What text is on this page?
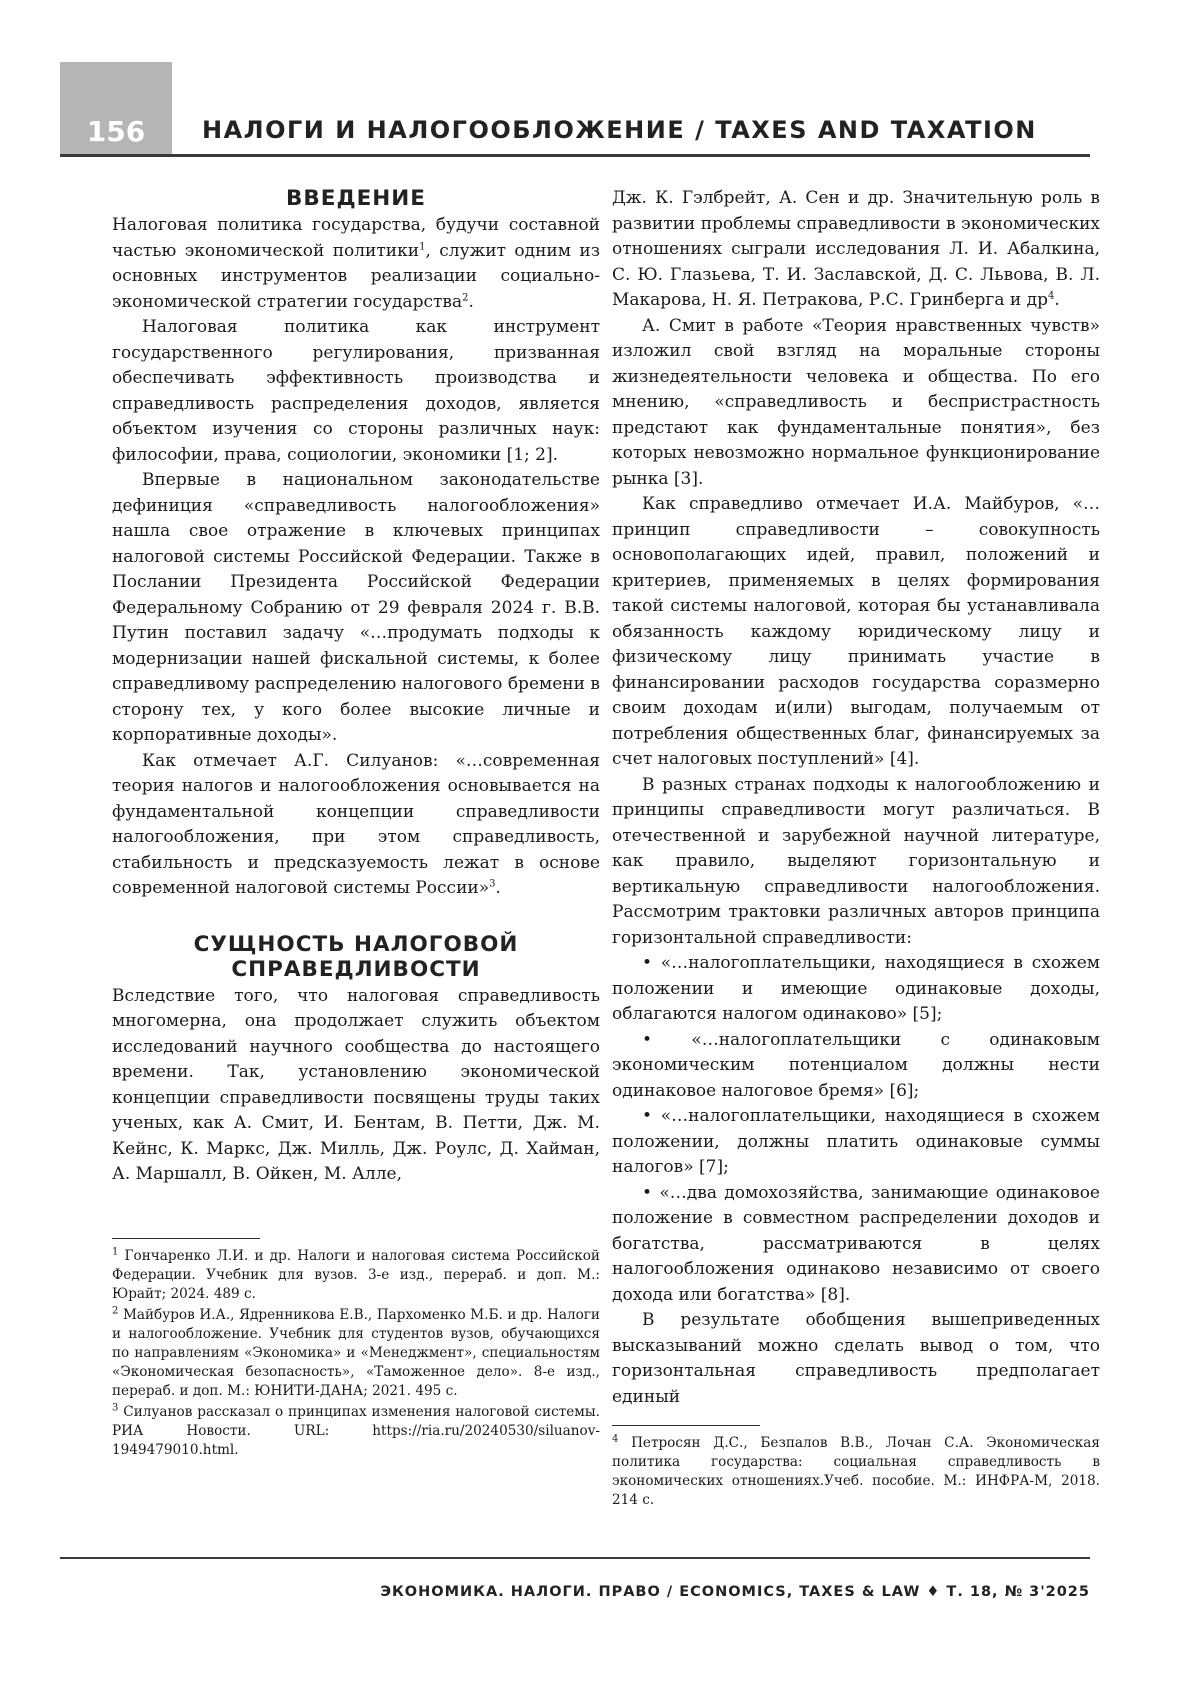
156	НАЛОГИ И НАЛОГООБЛОЖЕНИЕ / TAXES AND TAXATION
ВВЕДЕНИЕ

Налоговая политика государства, будучи составной частью экономической политики$^1$, служит одним из основных инструментов реализации социально-экономической стратегии государства$^2$.

Налоговая политика как инструмент государственного регулирования, призванная обеспечивать эффективность производства и справедливость распределения доходов, является объектом изучения со стороны различных наук: философии, права, социологии, экономики [1; 2].

Впервые в национальном законодательстве дефиниция «справедливость налогообложения» нашла свое отражение в ключевых принципах налоговой системы Российской Федерации. Также в Послании Президента Российской Федерации Федеральному Собранию от 29 февраля 2024 г. В.В. Путин поставил задачу «…продумать подходы к модернизации нашей фискальной системы, к более справедливому распределению налогового бремени в сторону тех, у кого более высокие личные и корпоративные доходы».

Как отмечает А.Г. Силуанов: «…современная теория налогов и налогообложения основывается на фундаментальной концепции справедливости налогообложения, при этом справедливость, стабильность и предсказуемость лежат в основе современной налоговой системы России»$^3$.

СУЩНОСТЬ НАЛОГОВОЙ СПРАВЕДЛИВОСТИ

Вследствие того, что налоговая справедливость многомерна, она продолжает служить объектом исследований научного сообщества до настоящего времени. Так, установлению экономической концепции справедливости посвящены труды таких ученых, как А. Смит, И. Бентам, В. Петти, Дж. М. Кейнс, К. Маркс, Дж. Милль, Дж. Роулс, Д. Хайман, А. Маршалл, В. Ойкен, М. Алле,

Дж. К. Гэлбрейт, А. Сен и др. Значительную роль в развитии проблемы справедливости в экономических отношениях сыграли исследования Л. И. Абалкина, С. Ю. Глазьева, Т. И. Заславской, Д. С. Львова, В. Л. Макарова, Н. Я. Петракова, Р.С. Гринберга и $др^4$.

А. Смит в работе «Теория нравственных чувств» изложил свой взгляд на моральные стороны жизнедеятельности человека и общества. По его мнению, «справедливость и беспристрастность предстают как фундаментальные понятия», без которых невозможно нормальное функционирование рынка [3].

Как справедливо отмечает И.А. Майбуров, «…принцип справедливости – совокупность основополагающих идей, правил, положений и критериев, применяемых в целях формирования такой системы налоговой, которая бы устанавливала обязанность каждому юридическому лицу и физическому лицу принимать участие в финансировании расходов государства соразмерно своим доходам и(или) выгодам, получаемым от потребления общественных благ, финансируемых за счет налоговых поступлений» [4].

В разных странах подходы к налогообложению и принципы справедливости могут различаться. В отечественной и зарубежной научной литературе, как правило, выделяют горизонтальную и вертикальную справедливости налогообложения. Рассмотрим трактовки различных авторов принципа горизонтальной справедливости:

• «…налогоплательщики, находящиеся в схожем положении и имеющие одинаковые доходы, облагаются налогом одинаково» [5];

• «…налогоплательщики с одинаковым экономическим потенциалом должны нести одинаковое налоговое бремя» [6];

• «…налогоплательщики, находящиеся в схожем положении, должны платить одинаковые суммы налогов» [7];

• «…два домохозяйства, занимающие одинаковое положение в совместном распределении доходов и богатства, рассматриваются в целях налогообложения одинаково независимо от своего дохода или богатства» [8].

В результате обобщения вышеприведенных высказываний можно сделать вывод о том, что горизонтальная справедливость предполагает единый

$^1$ Гончаренко Л.И. и др. Налоги и налоговая система Российской Федерации. Учебник для вузов. 3-е изд., перераб. и доп. М.: Юрайт; 2024. 489 с.

$^2$ Майбуров И.А., Ядренникова Е.В., Пархоменко М.Б. и др. Налоги и налогообложение. Учебник для студентов вузов, обучающихся по направлениям «Экономика» и «Менеджмент», специальностям «Экономическая безопасность», «Таможенное дело». 8-е изд., перераб. и доп. М.: ЮНИТИ-ДАНА; 2021. 495 с.

$^3$ Силуанов рассказал о принципах изменения налоговой системы. РИА Новости. URL: https://ria.ru/20240530/siluanov-1949479010.html.

$^4$ Петросян Д.С., Безпалов В.В., Лочан С.А. Экономическая политика государства: социальная справедливость в экономических отношениях.Учеб. пособие. М.: ИНФРА-М, 2018. 214 с.

ЭКОНОМИКА. НАЛОГИ. ПРАВО / ECONOMICS, TAXES & LAW ♦ Т. 18, № 3'2025
